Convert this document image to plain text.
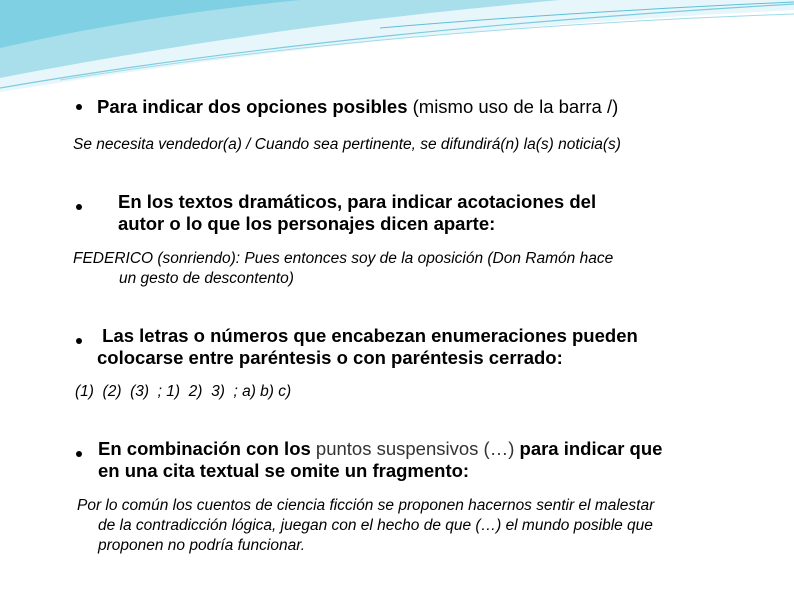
Para indicar dos opciones posibles (mismo uso de la barra /)
Se necesita vendedor(a) / Cuando sea pertinente, se difundirá(n) la(s) noticia(s)
En los textos dramáticos, para indicar acotaciones del
autor o lo que los personajes dicen aparte:
FEDERICO (sonriendo): Pues entonces soy de la oposición (Don Ramón hace
un gesto de descontento)
Las letras o números que encabezan enumeraciones pueden
colocarse entre paréntesis o con paréntesis cerrado:
(1)  (2)  (3)  ; 1)  2)  3)  ; a) b) c)
En combinación con los puntos suspensivos (…) para indicar que
en una cita textual se omite un fragmento:
Por lo común los cuentos de ciencia ficción se proponen hacernos sentir el malestar
de la contradicción lógica, juegan con el hecho de que (…) el mundo posible que
proponen no podría funcionar.
